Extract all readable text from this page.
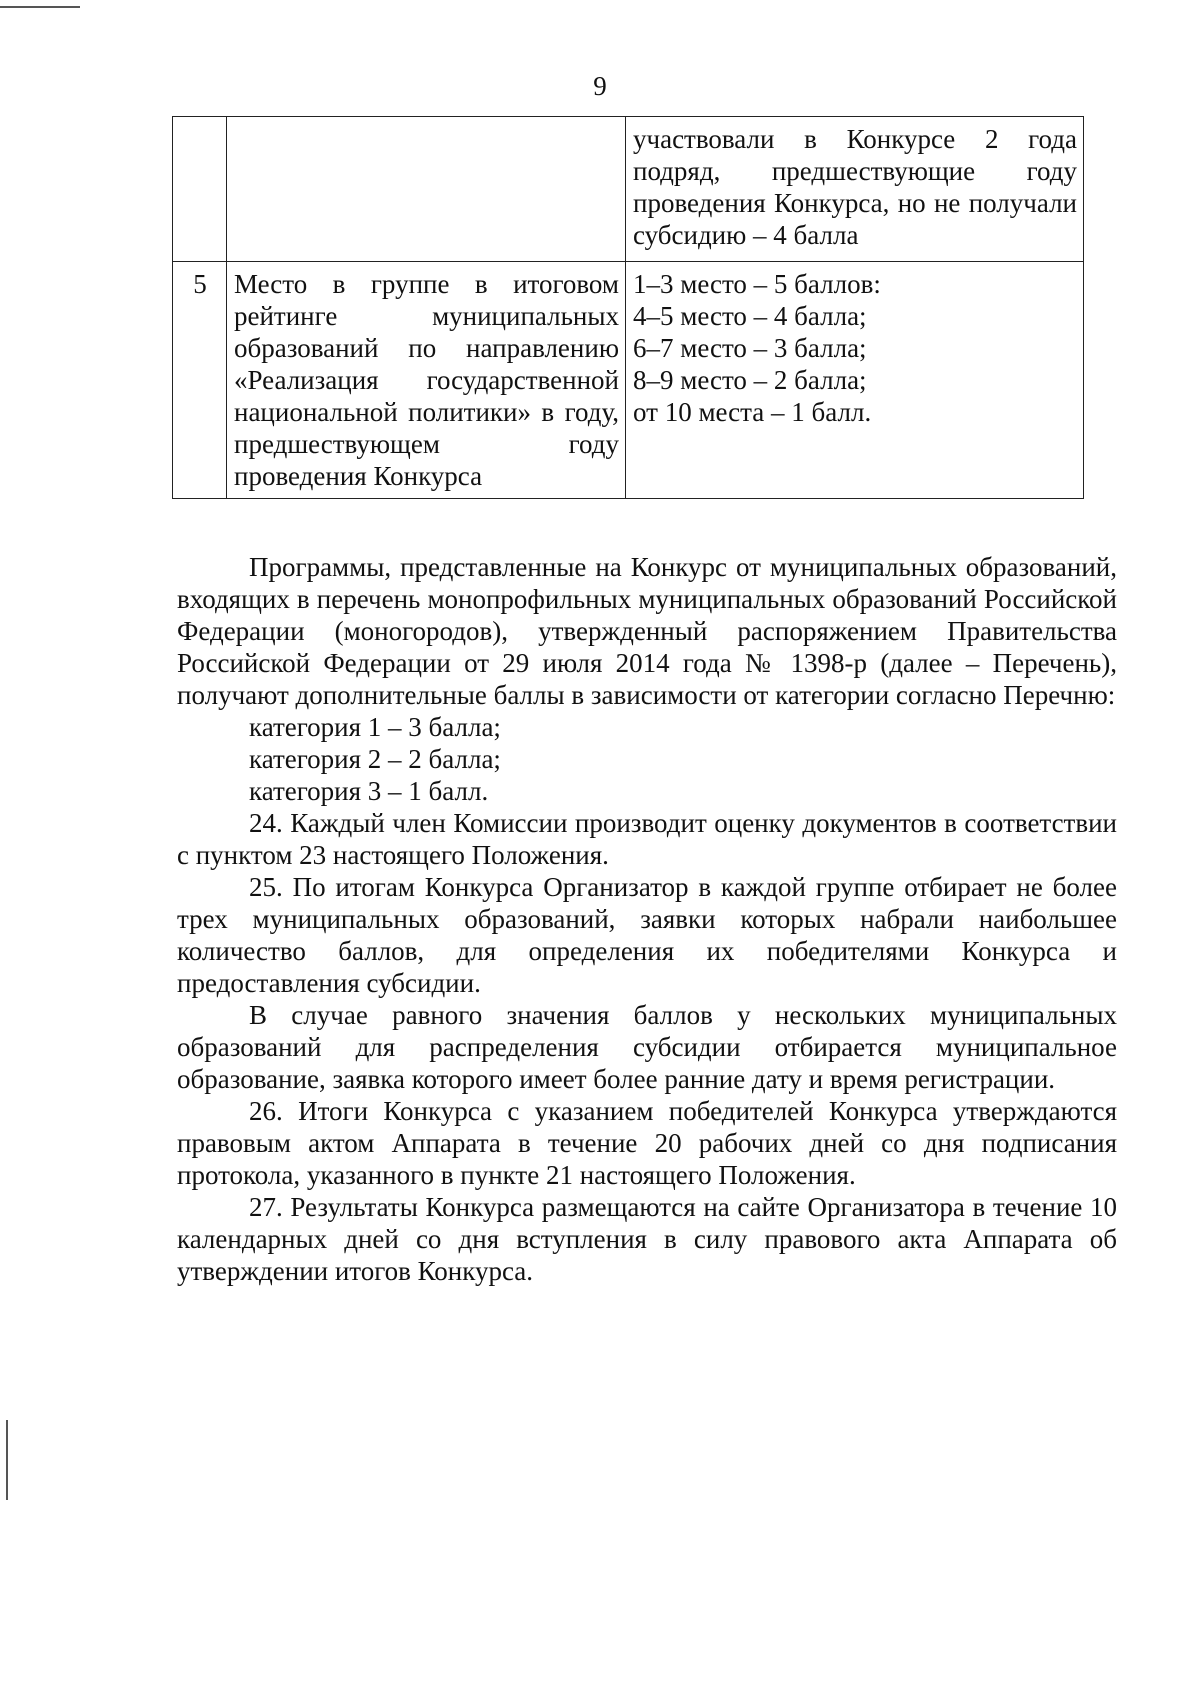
9
		участвовали в Конкурсе 2 года подряд, предшествующие году проведения Конкурса, но не получали субсидию – 4 балла
5	Место в группе в итоговом рейтинге муниципальных образований по направлению «Реализация государственной национальной политики» в году, предшествующем году проведения Конкурса	1–3 место – 5 баллов:
4–5 место – 4 балла;
6–7 место – 3 балла;
8–9 место – 2 балла;
от 10 места – 1 балл.

Программы, представленные на Конкурс от муниципальных образований, входящих в перечень монопрофильных муниципальных образований Российской Федерации (моногородов), утвержденный распоряжением Правительства Российской Федерации от 29 июля 2014 года № 1398-р (далее – Перечень), получают дополнительные баллы в зависимости от категории согласно Перечню:

категория 1 – 3 балла;

категория 2 – 2 балла;

категория 3 – 1 балл.

24. Каждый член Комиссии производит оценку документов в соответствии с пунктом 23 настоящего Положения.

25. По итогам Конкурса Организатор в каждой группе отбирает не более трех муниципальных образований, заявки которых набрали наибольшее количество баллов, для определения их победителями Конкурса и предоставления субсидии.

В случае равного значения баллов у нескольких муниципальных образований для распределения субсидии отбирается муниципальное образование, заявка которого имеет более ранние дату и время регистрации.

26. Итоги Конкурса с указанием победителей Конкурса утверждаются правовым актом Аппарата в течение 20 рабочих дней со дня подписания протокола, указанного в пункте 21 настоящего Положения.

27. Результаты Конкурса размещаются на сайте Организатора в течение 10 календарных дней со дня вступления в силу правового акта Аппарата об утверждении итогов Конкурса.
